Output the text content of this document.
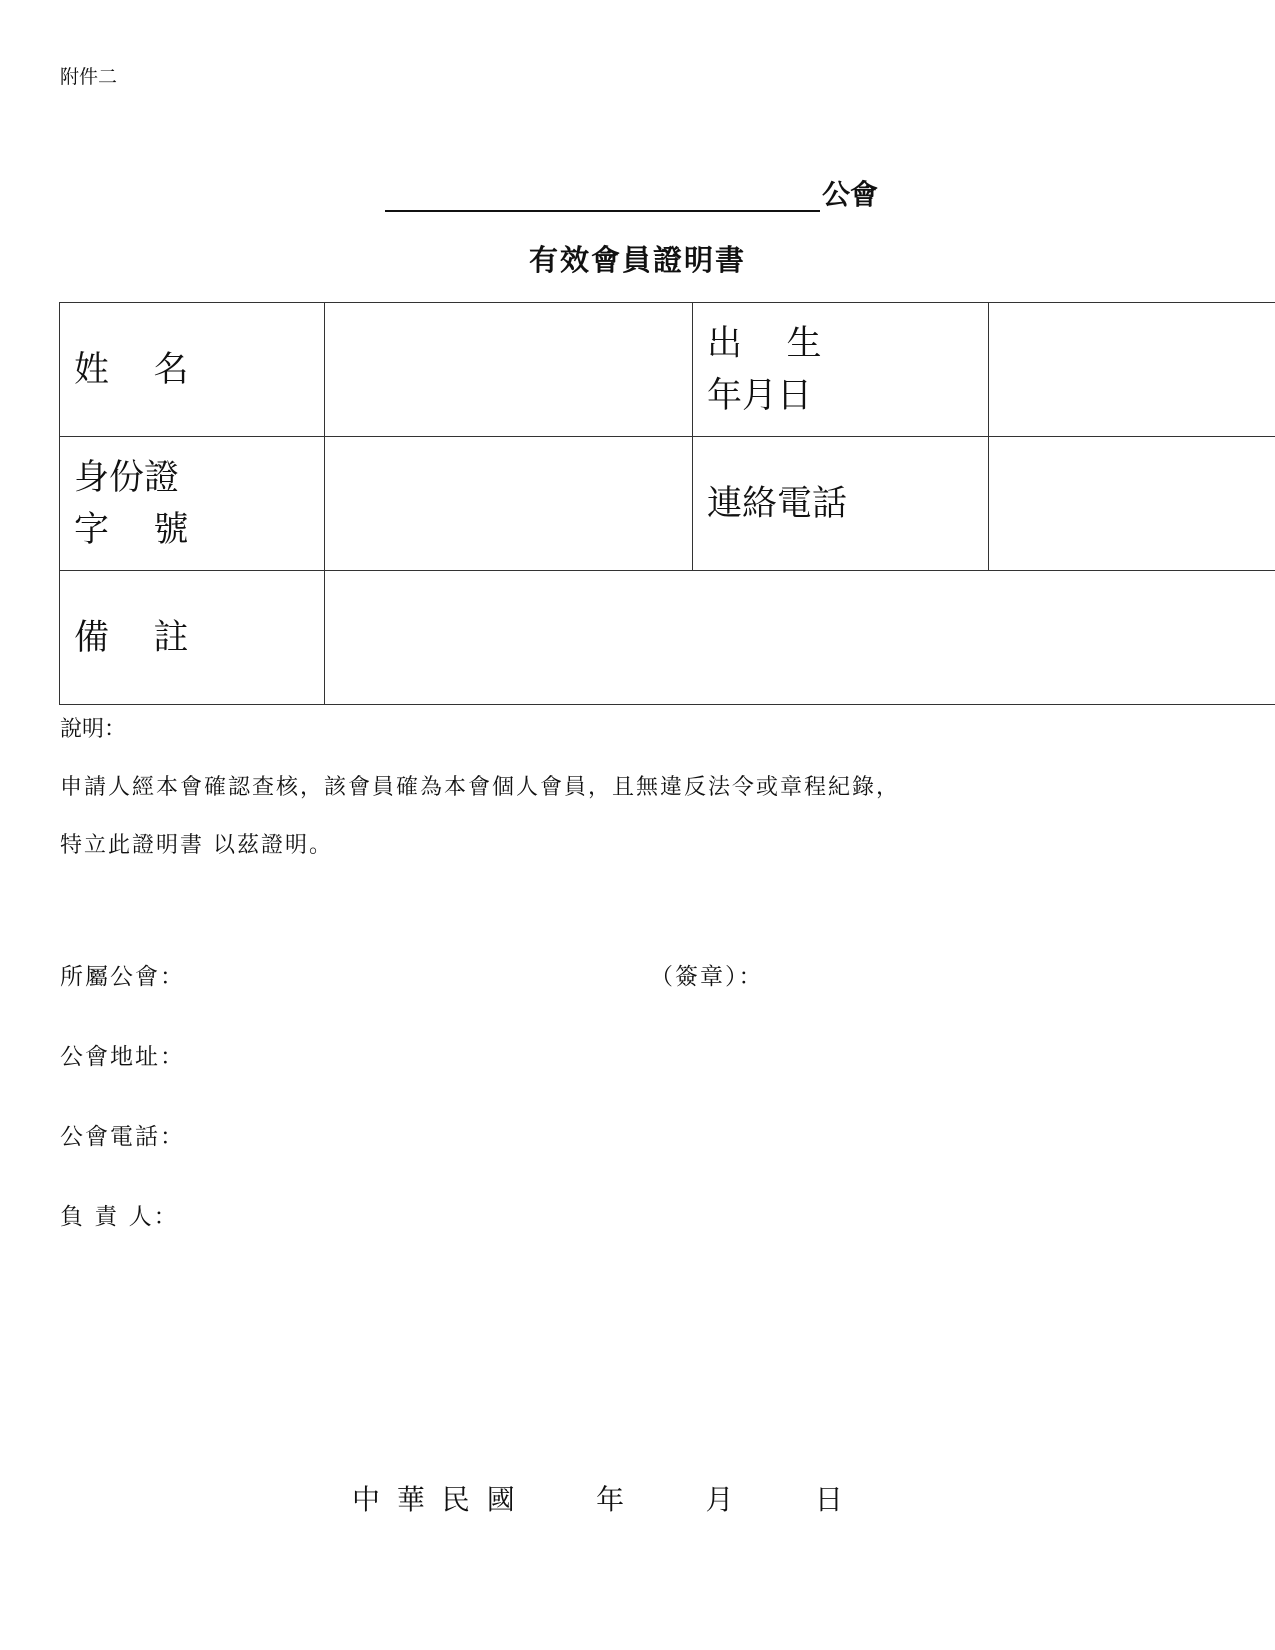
附件二
公會
有效會員證明書
姓    名		出    生
年月日	

身份證
字    號		連絡電話	

備    註			

說明：
申請人經本會確認查核，該會員確為本會個人會員，且無違反法令或章程紀錄，
特立此證明書 以茲證明。
所屬公會：	（簽章）：
公會地址：
公會電話：
負 責 人：
中 華 民 國      年      月      日
